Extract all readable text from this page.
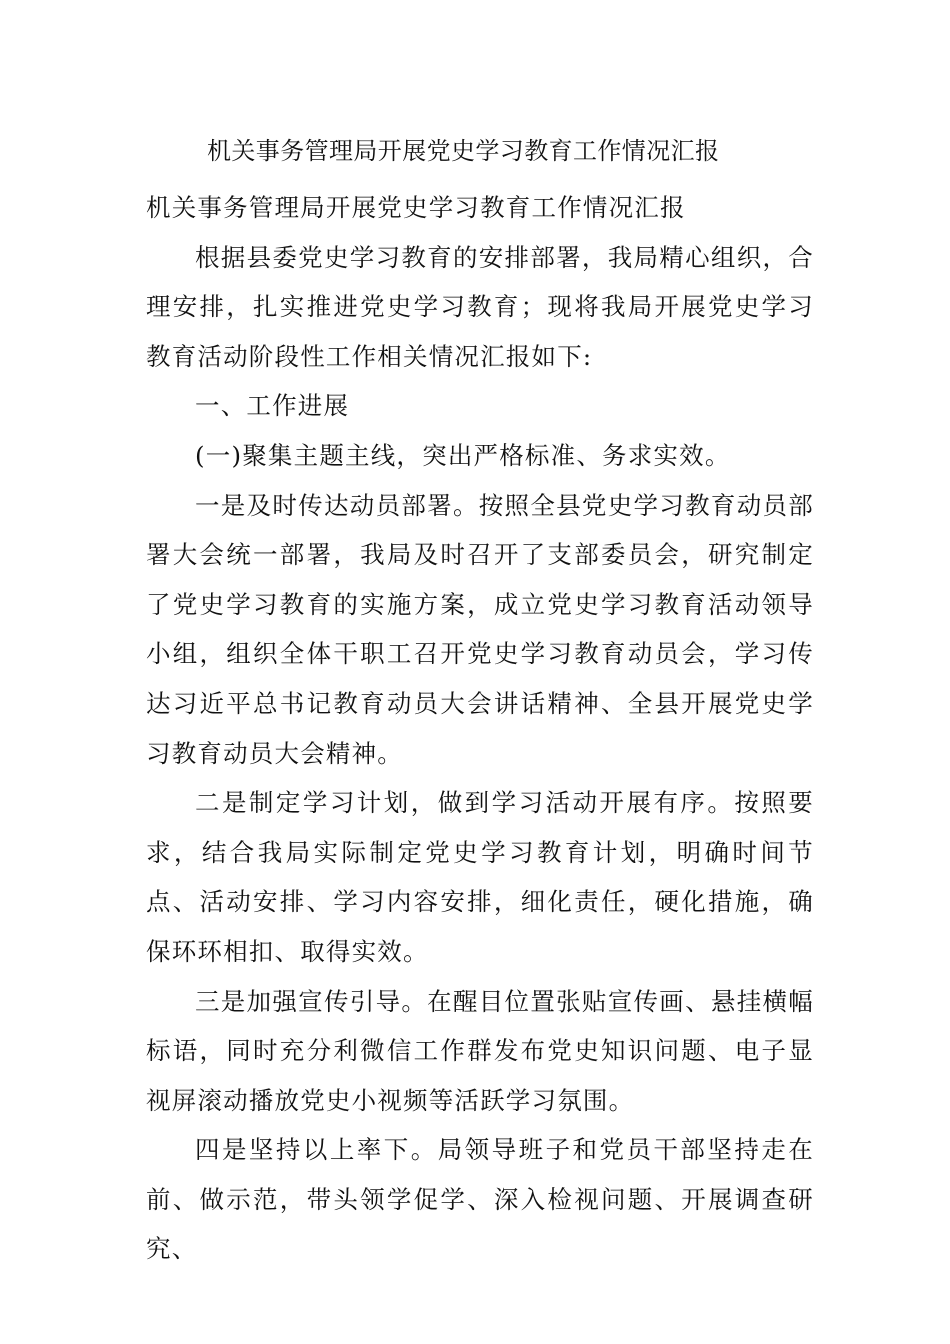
机关事务管理局开展党史学习教育工作情况汇报

机关事务管理局开展党史学习教育工作情况汇报

根据县委党史学习教育的安排部署，我局精心组织，合理安排，扎实推进党史学习教育；现将我局开展党史学习教育活动阶段性工作相关情况汇报如下:

一、工作进展

(一)聚集主题主线，突出严格标准、务求实效。

一是及时传达动员部署。按照全县党史学习教育动员部署大会统一部署，我局及时召开了支部委员会，研究制定了党史学习教育的实施方案，成立党史学习教育活动领导小组，组织全体干职工召开党史学习教育动员会，学习传达习近平总书记教育动员大会讲话精神、全县开展党史学习教育动员大会精神。

二是制定学习计划，做到学习活动开展有序。按照要求，结合我局实际制定党史学习教育计划，明确时间节点、活动安排、学习内容安排，细化责任，硬化措施，确保环环相扣、取得实效。

三是加强宣传引导。在醒目位置张贴宣传画、悬挂横幅标语，同时充分利微信工作群发布党史知识问题、电子显视屏滚动播放党史小视频等活跃学习氛围。

四是坚持以上率下。局领导班子和党员干部坚持走在前、做示范，带头领学促学、深入检视问题、开展调查研究、
